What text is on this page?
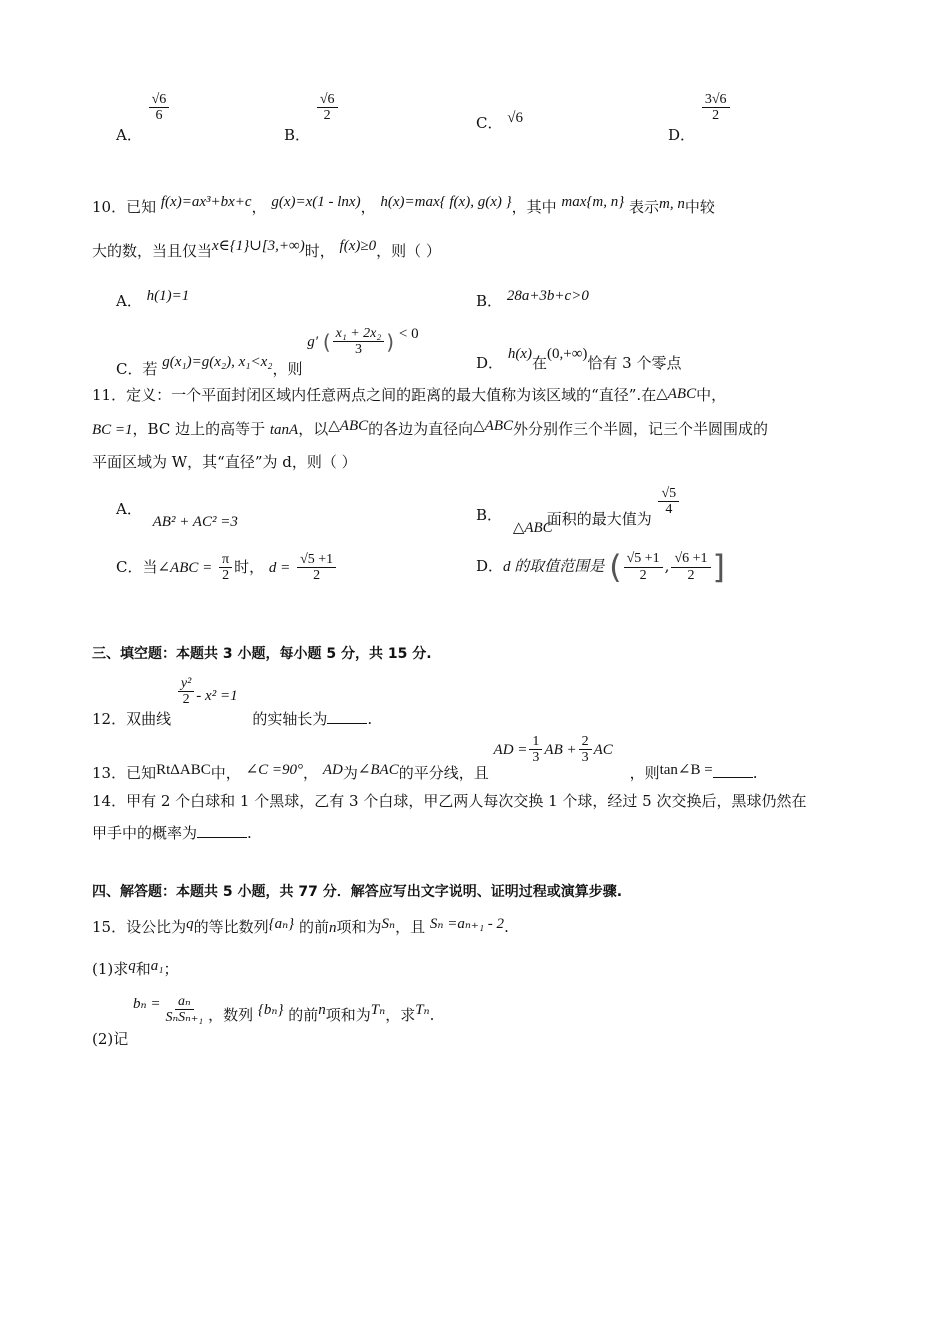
A．
$\frac{√6}{6}$
B．
$\frac{√6}{2}$	C． √6
D．
$\frac{3√6}{2}$
10．已知 f(x)=ax³+bx+c， g(x)=x(1 - lnx)， h(x)=max{ f(x), g(x) }，其中 max{m, n} 表示m, n中较
大的数，当且仅当x∈{1}∪[3,+∞)时， f(x)≥0，则（ ）
A． h(1)=1	B． 28a+3b+c>0
C．若 g(x₁)=g(x₂), x₁<x₂，则 g′ ( $\frac{\text{x₁ + 2x₂}}{3}$ ) < 0
D． h(x)在(0,+∞)恰有 3 个零点
11．定义：一个平面封闭区域内任意两点之间的距离的最大值称为该区域的“直径”.在△ABC中，
BC =1，BC 边上的高等于 tanA，以△ABC的各边为直径向△ABC外分别作三个半圆，记三个半圆围成的
平面区域为 W，其“直径”为 d，则（ ）
A． AB² + AC² =3	B． △ABC面积的最大值为
$\frac{√5}{4}$
C．当∠ABC = $\frac{\pi}{2}$ 时， $d = \frac{√5 +1}{2}$	D．d 的取值范围是 ( $\frac{√5 +1}{2}$ , $\frac{√6 +1}{2}$ ]
三、填空题：本题共 3 小题，每小题 5 分，共 15 分.
12．双曲线
$\frac{\text{y²}}{2} - x^2 =1$ 的实轴长为	.
13．已知RtΔABC中， ∠C =90°， AD为∠BAC的平分线，且 AD = $\frac{1}{3}$ AB + $\frac{2}{3}$ AC ，则tan∠B =	.
14．甲有 2 个白球和 1 个黑球，乙有 3 个白球，甲乙两人每次交换 1 个球，经过 5 次交换后，黑球仍然在
甲手中的概率为	.
四、解答题：本题共 5 小题，共 77 分．解答应写出文字说明、证明过程或演算步骤.
15．设公比为q的等比数列{aₙ} 的前n项和为Sₙ，且 Sₙ =aₙ₊₁ - 2.
(1)求q和a₁；
(2)记 $b_n = \frac{\text{aₙ}}{\text{SₙSₙ₊₁}}$ ，数列 {bₙ} 的前n项和为Tₙ，求Tₙ.
